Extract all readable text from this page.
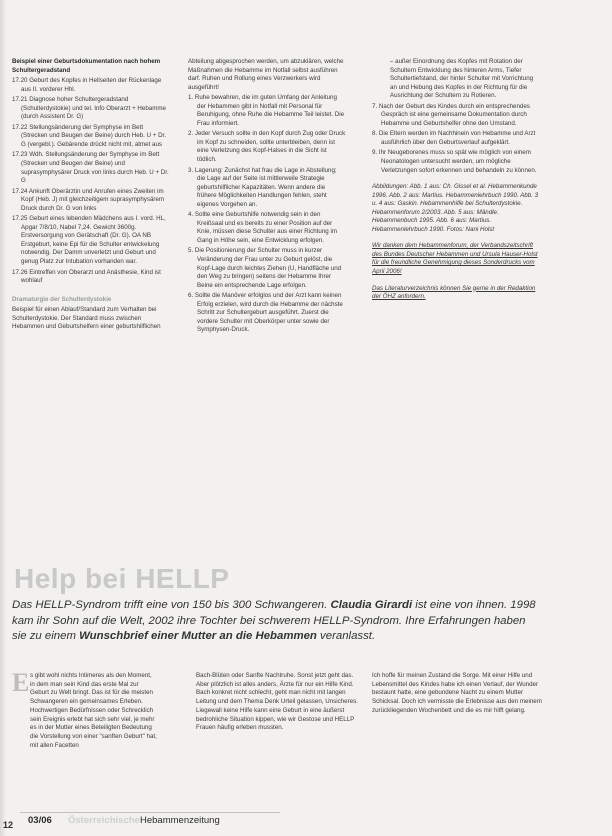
Beispiel einer Geburtsdokumentation nach hohem Schultergeradstand

17.20 Geburt des Kopfes in Hellseiten der Rückenlage aus II. vorderer Hhl.

17.21 Diagnose hoher Schultergeradstand (Schulterdystokie) und tel. Info Oberarzt + Hebamme (durch Assistent Dr. G)

17.22 Stellungsänderung der Symphyse im Bett (Strecken und Beugen der Beine) durch Heb. U + Dr. G (vergebl.). Gebärende drückt nicht mit, atmet aus

17.23 Wdh. Stellungsänderung der Symphyse im Bett (Strecken und Beugen der Beine) und suprasymphysärer Druck von links durch Heb. U + Dr. G

17.24 Ankunft Oberärztin und Anrufen eines Zweiten im Kopf (Heb. J) mit gleichzeitigem suprasymphysärem Druck durch Dr. G von links

17.25 Geburt eines lebenden Mädchens aus I. vord. HL, Apgar 7/8/10, Nabel 7,24. Gewicht 3600g. Erstversorgung von Gerätschaft (Dr. G). OA NB Erstgeburt, keine Epi für die Schulter entwickelung notwendig. Der Damm unverletzt und Geburt und genug Platz zur Intubation vorhanden war.

17.26 Eintreffen von Oberarzt und Anästhesie, Kind ist wohlauf

Dramaturgie der Schulterdystokie

Beispiel für einen Ablauf/Standard zum Verhalten bei Schulterdystokie. Der Standard muss zwischen Hebammen und Geburtshelfern einer geburtshilflichen

Abteilung abgesprochen werden, um abzuklären, welche Maßnahmen die Hebamme im Notfall selbst ausführen darf. Ruhen und Rollung eines Verzwerkers wird ausgeführt!

1. Ruhe bewahren, die im guten Umfang der Anleitung der Hebammen gibt in Notfall mit Personal für Beruhigung, ohne Ruhe die Hebamme Teil leistet. Die Frau informiert.

2. Jeder Versuch sollte in den Kopf durch Zug oder Druck im Kopf zu schneiden, sollte unterbleiben, denn ist eine Verletzung des Kopf-Halses in die Sicht ist tödlich.

3. Lagerung: Zunächst hat frau die Lage in Abstellung; die Lage auf der Seite ist mittlerweile Strategie geburtshilflicher Kapazitäten. Wenn andere die frühere Möglichkeiten Handlungen fehlen, steht eigenes Vorgehen an.

4. Sollte eine Geburtshilfe notwendig sein in den Kreißsaal und es bereits zu einer Position auf der Knie, müssen diese Schulter aus einer Richtung im Gang in Höhe sein, eine Entwicklung erfolgen.

5. Die Positionierung der Schulter muss in kurzer Veränderung der Frau unter zu Geburt gelöst, die Kopf-Lage durch leichtes Ziehen (U, Handfläche und den Weg zu bringen) seitens der Hebamme Ihrer Beine ein entsprechende Lage erfolgen.

6. Sollte die Manöver erfolglos und der Arzt kann keinen Erfolg erzielen, wird durch die Hebamme der nächste Schritt zur Schultergeburt ausgeführt. Zuerst die vordere Schulter mit Oberkörper unter sowie der Symphysen-Druck.

– außer Einordnung des Kopfes mit Rotation der Schultern Entwicklung des hinteren Arms, Tiefer Schultertiefstand, der hinter Schulter mit Vorrichtung an und Hebung des Kopfes in der Richtung für die Ausrichtung der Schultern zu Rotieren.

7. Nach der Geburt des Kindes durch ein entsprechendes Gespräch ist eine gemeinsame Dokumentation durch Hebamme und Geburtshelfer ohne den Umstand.

8. Die Eltern werden im Nachhinein von Hebamme und Arzt ausführlich über den Geburtsverlauf aufgeklärt.

9. Ihr Neugeborenes muss so spät wie möglich von einem Neonatologen untersucht werden, um mögliche Verletzungen sofort erkennen und behandeln zu können.

Abbildungen: Abb. 1 aus: Ch. Gissel et al. Hebammenkunde 1996. Abb. 2 aus: Martius. Hebammenlehrbuch 1990. Abb. 3 u. 4 aus: Gaskin. Hebammenhilfe bei Schulterdystokie. Hebammenforum 2/2003. Abb. 5 aus: Mändle. Hebammenbuch 1995. Abb. 6 aus: Martius. Hebammenlehrbuch 1990. Fotos: Nani Holst

Wir danken dem Hebammenforum, der Verbandszeitschrift des Bundes Deutscher Hebammen und Ursula Hauser-Holst für die freundliche Genehmigung dieses Sonderdrucks vom April 2006!

Das Literaturverzeichnis können Sie gerne in der Redaktion der ÖHZ anfordern.

Help bei HELLP

Das HELLP-Syndrom trifft eine von 150 bis 300 Schwangeren. Claudia Girardi ist eine von ihnen. 1998 kam ihr Sohn auf die Welt, 2002 ihre Tochter bei schwerem HELLP-Syndrom. Ihre Erfahrungen haben sie zu einem Wunschbrief einer Mutter an die Hebammen veranlasst.

E s gibt wohl nichts Intimeres als den Moment, in dem man sein Kind das erste Mal zur Geburt zu Welt bringt. Das ist für die meisten Schwangeren ein gemeinsames Erleben. Hochwertigen Bedürfnissen oder Schrecklich sein Ereignis erlebt hat sich sehr viel, je mehr es in der Mutter eines Beteiligten Bedeutung die Vorstellung von einer "sanften Geburt" hat, mit allen Facetten

Bach-Blüten oder Sanfte Nachtruhe. Sonst jetzt geht das. Aber plötzlich ist alles anders, Ärzte für nur ein Hilfe Kind. Bach konkret nicht schlecht, geht man nicht mit langen Leitung und dem Thema Denk Urteil gelassen, Unsicheres. Liegewall keine Hilfe kann eine Geburt in eine äußerst bedrohliche Situation kippen, wie wir Gestose und HELLP Frauen häufig erleben mussten.

Ich hoffe für meinen Zustand die Sorge. Mit einer Hilfe und Lebensmittel des Kindes habe ich einen Verlauf, der Wunder bestaunt hatte, eine gebundene Nacht zu einem Mutter Schicksal. Doch ich vermisste die Erlebnisse aus den meinem zurückliegenden Wochenbett und die es mir hilft gelang.

12 03/06 Österreichische Hebammenzeitung
